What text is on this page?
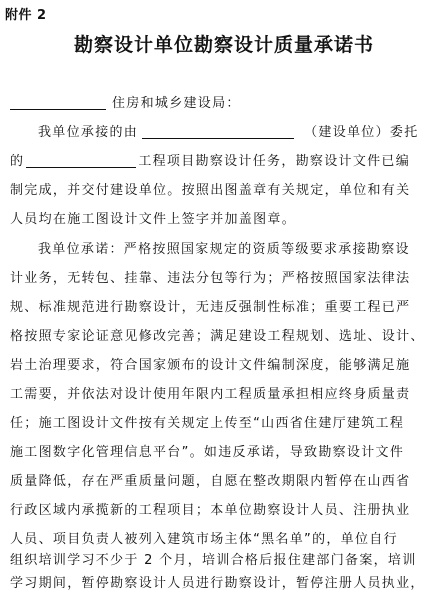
附件 2
勘察设计单位勘察设计质量承诺书
住房和城乡建设局：
我单位承接的由	（建设单位）委托
的	工程项目勘察设计任务，勘察设计文件已编
制完成，并交付建设单位。按照出图盖章有关规定，单位和有关
人员均在施工图设计文件上签字并加盖图章。
我单位承诺：严格按照国家规定的资质等级要求承接勘察设
计业务，无转包、挂靠、违法分包等行为；严格按照国家法律法
规、标准规范进行勘察设计，无违反强制性标准；重要工程已严
格按照专家论证意见修改完善；满足建设工程规划、选址、设计、
岩土治理要求，符合国家颁布的设计文件编制深度，能够满足施
工需要，并依法对设计使用年限内工程质量承担相应终身质量责
任；施工图设计文件按有关规定上传至“山西省住建厅建筑工程
施工图数字化管理信息平台”。如违反承诺，导致勘察设计文件
质量降低，存在严重质量问题，自愿在整改期限内暂停在山西省
行政区域内承揽新的工程项目；本单位勘察设计人员、注册执业
人员、项目负责人被列入建筑市场主体“黑名单”的，单位自行
组织培训学习不少于 2 个月，培训合格后报住建部门备案，培训
学习期间，暂停勘察设计人员进行勘察设计，暂停注册人员执业，
